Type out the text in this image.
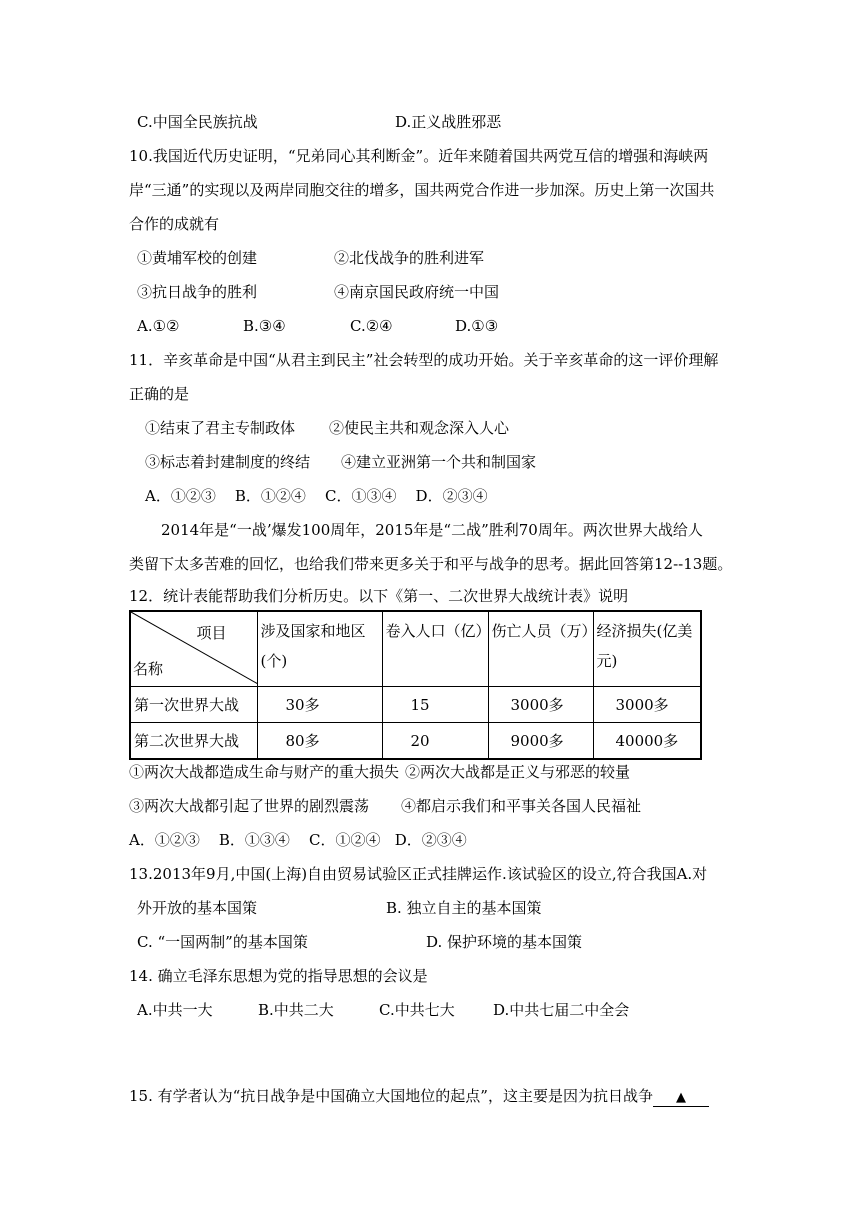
C.中国全民族抗战	D.正义战胜邪恶
10.我国近代历史证明，“兄弟同心其利断金”。近年来随着国共两党互信的增强和海峡两
岸“三通”的实现以及两岸同胞交往的增多，国共两党合作进一步加深。历史上第一次国共
合作的成就有
①黄埔军校的创建	②北伐战争的胜利进军
③抗日战争的胜利	④南京国民政府统一中国
A.①②	B.③④	C.②④	D.①③
11．辛亥革命是中国“从君主到民主”社会转型的成功开始。关于辛亥革命的这一评价理解
正确的是
①结束了君主专制政体 ②使民主共和观念深入人心
③标志着封建制度的终结 ④建立亚洲第一个共和制国家
A．①②③    B．①②④    C．①③④    D．②③④
2014年是“一战’爆发100周年，2015年是“二战”胜利70周年。两次世界大战给人
类留下太多苦难的回忆，也给我们带来更多关于和平与战争的思考。据此回答第12--13题。
12．统计表能帮助我们分析历史。以下《第一、二次世界大战统计表》说明
项目
名称	涉及国家和地区(个)	卷入人口（亿）	伤亡人员（万）	经济损失(亿美元)
第一次世界大战	30多	15	3000多	3000多
第二次世界大战	80多	20	9000多	40000多
①两次大战都造成生命与财产的重大损失 ②两次大战都是正义与邪恶的较量
③两次大战都引起了世界的剧烈震荡 ④都启示我们和平事关各国人民福祉
A．①②③    B．①③④    C．①②④   D．②③④
13.2013年9月,中国(上海)自由贸易试验区正式挂牌运作.该试验区的设立,符合我国A.对
外开放的基本国策	B. 独立自主的基本国策
C. “一国两制”的基本国策	D. 保护环境的基本国策
14. 确立毛泽东思想为党的指导思想的会议是
A.中共一大	B.中共二大	C.中共七大	D.中共七届二中全会
15. 有学者认为“抗日战争是中国确立大国地位的起点”，这主要是因为抗日战争 ▲
